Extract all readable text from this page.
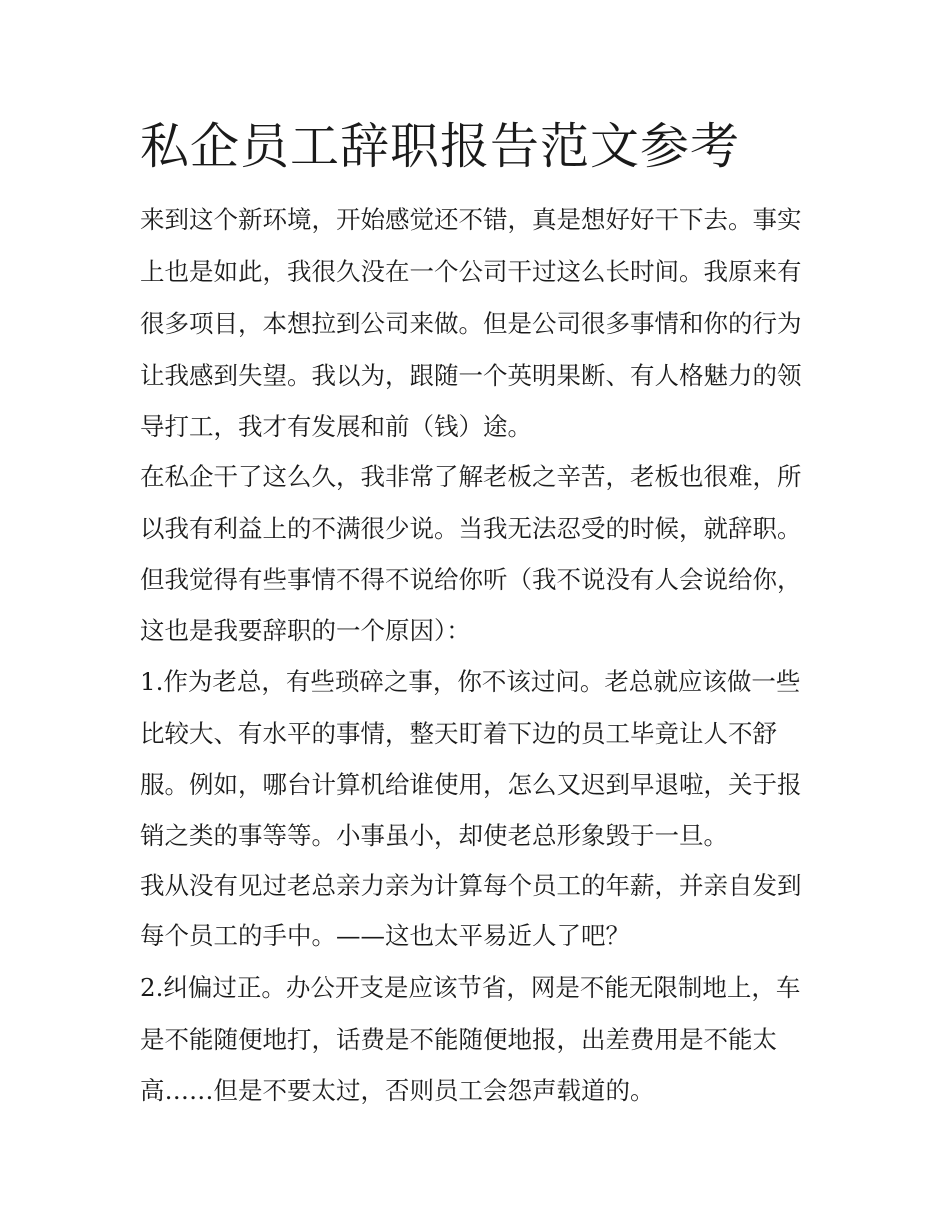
私企员工辞职报告范文参考

来到这个新环境，开始感觉还不错，真是想好好干下去。事实

上也是如此，我很久没在一个公司干过这么长时间。我原来有

很多项目，本想拉到公司来做。但是公司很多事情和你的行为

让我感到失望。我以为，跟随一个英明果断、有人格魅力的领

导打工，我才有发展和前（钱）途。

在私企干了这么久，我非常了解老板之辛苦，老板也很难，所

以我有利益上的不满很少说。当我无法忍受的时候，就辞职。

但我觉得有些事情不得不说给你听（我不说没有人会说给你，

这也是我要辞职的一个原因）：

1.作为老总，有些琐碎之事，你不该过问。老总就应该做一些

比较大、有水平的事情，整天盯着下边的员工毕竟让人不舒

服。例如，哪台计算机给谁使用，怎么又迟到早退啦，关于报

销之类的事等等。小事虽小，却使老总形象毁于一旦。

我从没有见过老总亲力亲为计算每个员工的年薪，并亲自发到

每个员工的手中。——这也太平易近人了吧？

2.纠偏过正。办公开支是应该节省，网是不能无限制地上，车

是不能随便地打，话费是不能随便地报，出差费用是不能太

高……但是不要太过，否则员工会怨声载道的。
